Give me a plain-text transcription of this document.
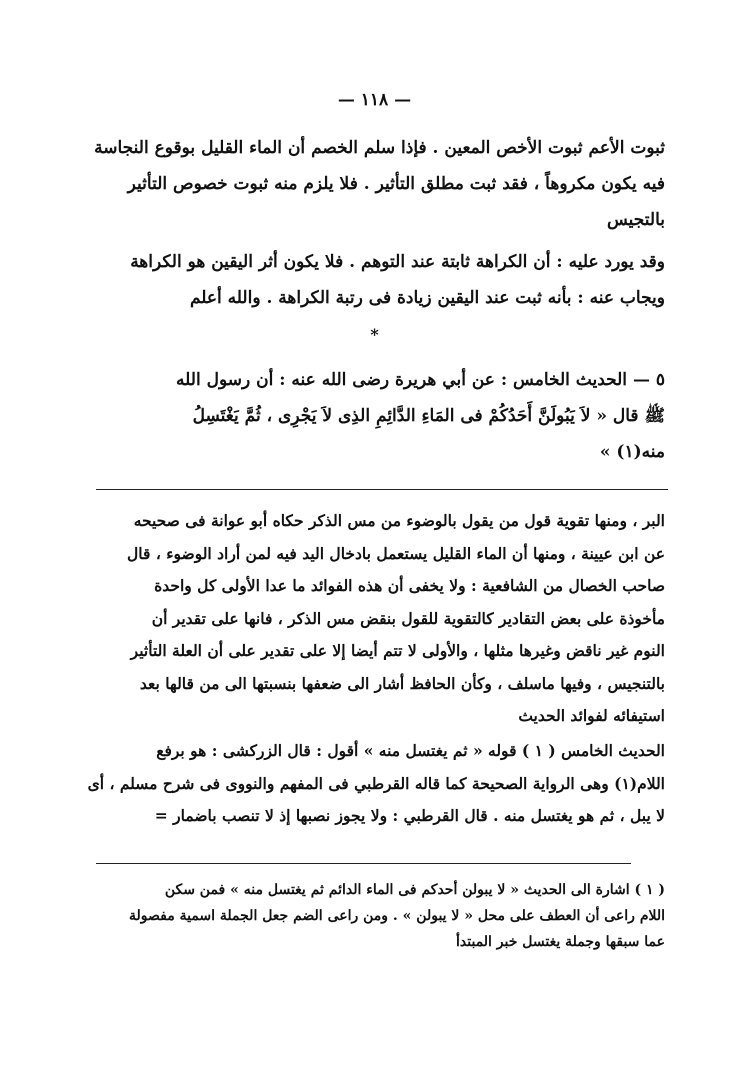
— ١١٨ —
ثبوت الأعم ثبوت الأخص المعين . فإذا سلم الخصم أن الماء القليل بوقوع النجاسة
فيه يكون مكروهاً ، فقد ثبت مطلق التأثير . فلا يلزم منه ثبوت خصوص التأثير
بالتجيس
وقد يورد عليه : أن الكراهة ثابتة عند التوهم . فلا يكون أثر اليقين هو الكراهة
ويجاب عنه : بأنه ثبت عند اليقين زيادة فى رتبة الكراهة . والله أعلم
*
٥ — الحديث الخامس : عن أبي هريرة رضى الله عنه : أن رسول الله
ﷺ قال « لاَ يَبُولَنَّ أَحَدُكُمْ فى المَاءِ الدَّائِمِ الذِى لاَ يَجْرِى ، ثُمَّ يَغْتَسِلُ
منه(١) »
البر ، ومنها تقوية قول من يقول بالوضوء من مس الذكر حكاه أبو عوانة فى صحيحه
عن ابن عيينة ، ومنها أن الماء القليل يستعمل بادخال اليد فيه لمن أراد الوضوء ، قال
صاحب الخصال من الشافعية : ولا يخفى أن هذه الفوائد ما عدا الأولى كل واحدة
مأخوذة على بعض التقادير كالتقوية للقول بنقض مس الذكر ، فانها على تقدير أن
النوم غير ناقض وغيرها مثلها ، والأولى لا تتم أيضا إلا على تقدير على أن العلة التأثير
بالتنجيس ، وفيها ماسلف ، وكأن الحافظ أشار الى ضعفها بنسبتها الى من قالها بعد
استيفائه لفوائد الحديث
الحديث الخامس ( ١ ) قوله « ثم يغتسل منه » أقول : قال الزركشى : هو برفع
اللام(١) وهى الرواية الصحيحة كما قاله القرطبي فى المفهم والنووى فى شرح مسلم ، أى
لا يبل ، ثم هو يغتسل منه . قال القرطبي : ولا يجوز نصبها إذ لا تنصب باضمار =
( ١ ) اشارة الى الحديث « لا يبولن أحدكم فى الماء الدائم ثم يغتسل منه » فمن سكن
اللام راعى أن العطف على محل « لا يبولن » . ومن راعى الضم جعل الجملة اسمية مفصولة
عما سبقها وجملة يغتسل خبر المبتدأ
